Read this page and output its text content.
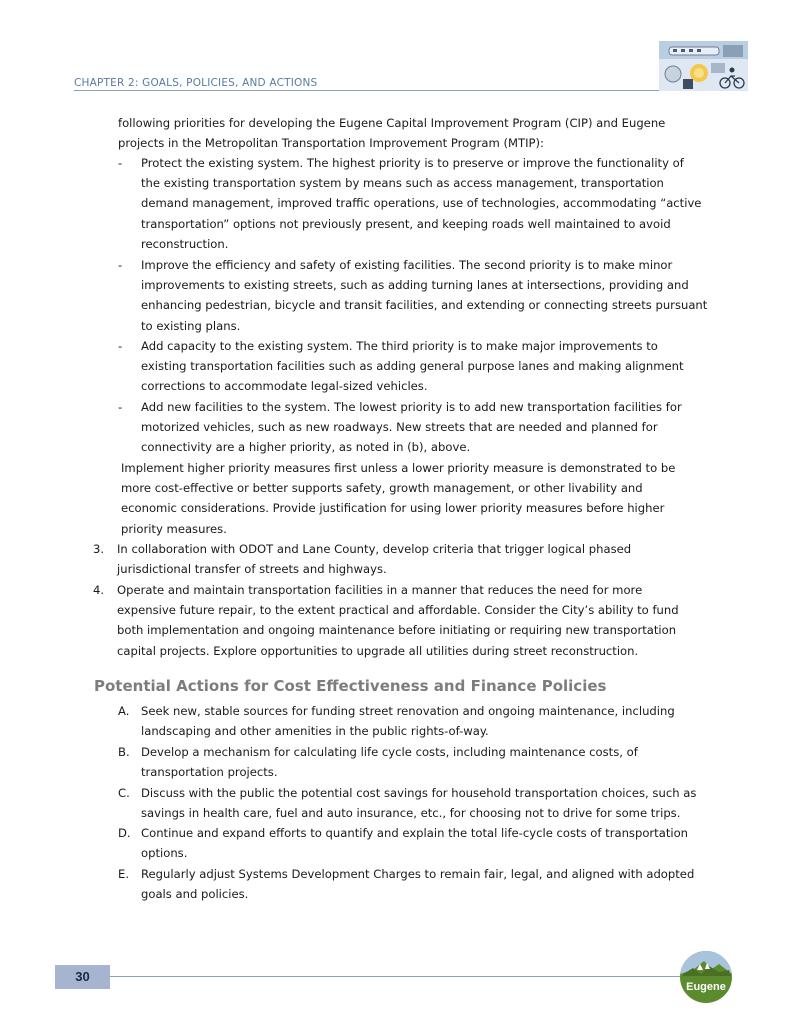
CHAPTER 2: GOALS, POLICIES, AND ACTIONS
following priorities for developing the Eugene Capital Improvement Program (CIP) and Eugene
projects in the Metropolitan Transportation Improvement Program (MTIP):
- Protect the existing system. The highest priority is to preserve or improve the functionality of
the existing transportation system by means such as access management, transportation
demand management, improved traffic operations, use of technologies, accommodating “active
transportation” options not previously present, and keeping roads well maintained to avoid
reconstruction.
- Improve the efficiency and safety of existing facilities. The second priority is to make minor
improvements to existing streets, such as adding turning lanes at intersections, providing and
enhancing pedestrian, bicycle and transit facilities, and extending or connecting streets pursuant
to existing plans.
- Add capacity to the existing system. The third priority is to make major improvements to
existing transportation facilities such as adding general purpose lanes and making alignment
corrections to accommodate legal-sized vehicles.
- Add new facilities to the system. The lowest priority is to add new transportation facilities for
motorized vehicles, such as new roadways. New streets that are needed and planned for
connectivity are a higher priority, as noted in (b), above.
Implement higher priority measures first unless a lower priority measure is demonstrated to be
more cost-effective or better supports safety, growth management, or other livability and
economic considerations. Provide justification for using lower priority measures before higher
priority measures.
3. In collaboration with ODOT and Lane County, develop criteria that trigger logical phased
jurisdictional transfer of streets and highways.
4. Operate and maintain transportation facilities in a manner that reduces the need for more
expensive future repair, to the extent practical and affordable. Consider the City’s ability to fund
both implementation and ongoing maintenance before initiating or requiring new transportation
capital projects. Explore opportunities to upgrade all utilities during street reconstruction.
Potential Actions for Cost Effectiveness and Finance Policies
A. Seek new, stable sources for funding street renovation and ongoing maintenance, including
landscaping and other amenities in the public rights-of-way.
B. Develop a mechanism for calculating life cycle costs, including maintenance costs, of
transportation projects.
C. Discuss with the public the potential cost savings for household transportation choices, such as
savings in health care, fuel and auto insurance, etc., for choosing not to drive for some trips.
D. Continue and expand efforts to quantify and explain the total life-cycle costs of transportation
options.
E. Regularly adjust Systems Development Charges to remain fair, legal, and aligned with adopted
goals and policies.
30
Eugene
